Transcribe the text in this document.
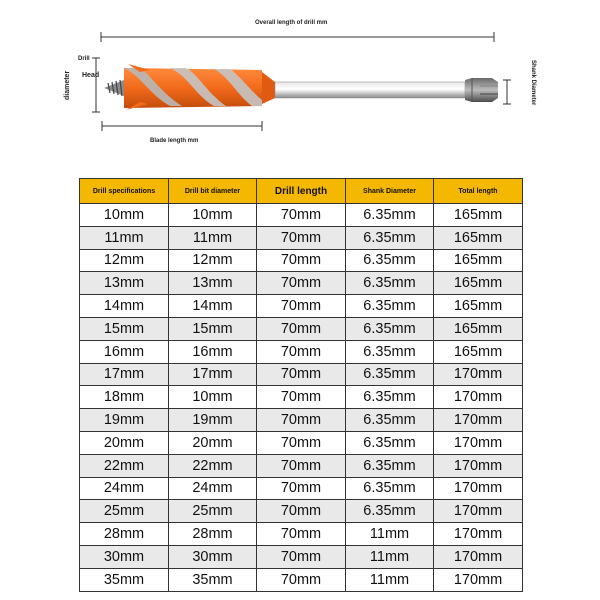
Overall length of drill mm
Blade length mm
Drill
Head
diameter	Shank Diameter
Drill specifications	Drill bit diameter	Drill length	Shank Diameter	Total length
10mm	10mm	70mm	6.35mm	165mm
11mm	11mm	70mm	6.35mm	165mm
12mm	12mm	70mm	6.35mm	165mm
13mm	13mm	70mm	6.35mm	165mm
14mm	14mm	70mm	6.35mm	165mm
15mm	15mm	70mm	6.35mm	165mm
16mm	16mm	70mm	6.35mm	165mm
17mm	17mm	70mm	6.35mm	170mm
18mm	10mm	70mm	6.35mm	170mm
19mm	19mm	70mm	6.35mm	170mm
20mm	20mm	70mm	6.35mm	170mm
22mm	22mm	70mm	6.35mm	170mm
24mm	24mm	70mm	6.35mm	170mm
25mm	25mm	70mm	6.35mm	170mm
28mm	28mm	70mm	11mm	170mm
30mm	30mm	70mm	11mm	170mm
35mm	35mm	70mm	11mm	170mm
